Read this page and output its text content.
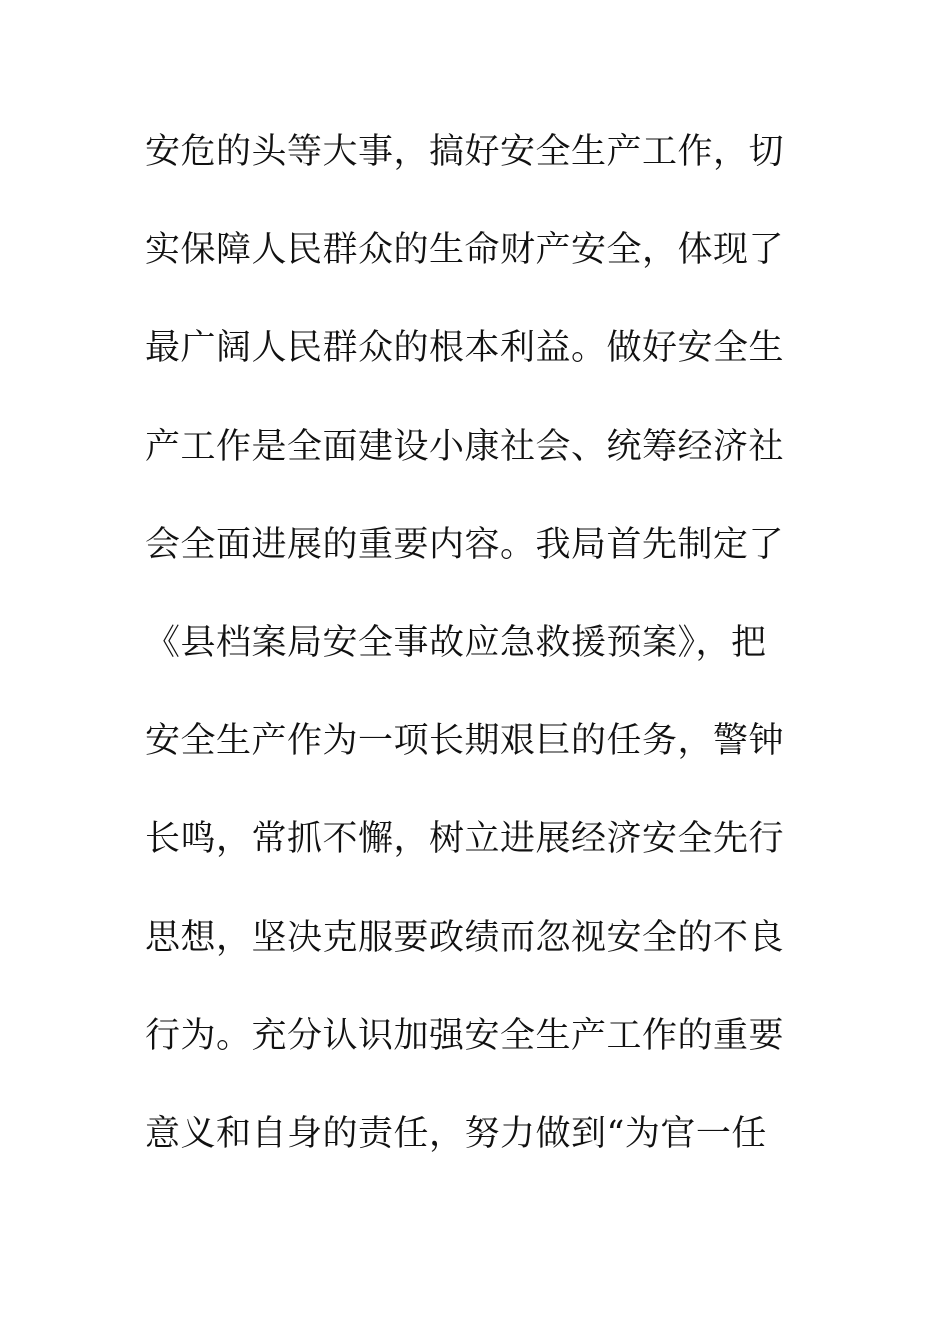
安危的头等大事，搞好安全生产工作，切
实保障人民群众的生命财产安全，体现了
最广阔人民群众的根本利益。做好安全生
产工作是全面建设小康社会、统筹经济社
会全面进展的重要内容。我局首先制定了
《县档案局安全事故应急救援预案》，把
安全生产作为一项长期艰巨的任务，警钟
长鸣，常抓不懈，树立进展经济安全先行
思想，坚决克服要政绩而忽视安全的不良
行为。充分认识加强安全生产工作的重要
意义和自身的责任，努力做到“为官一任
